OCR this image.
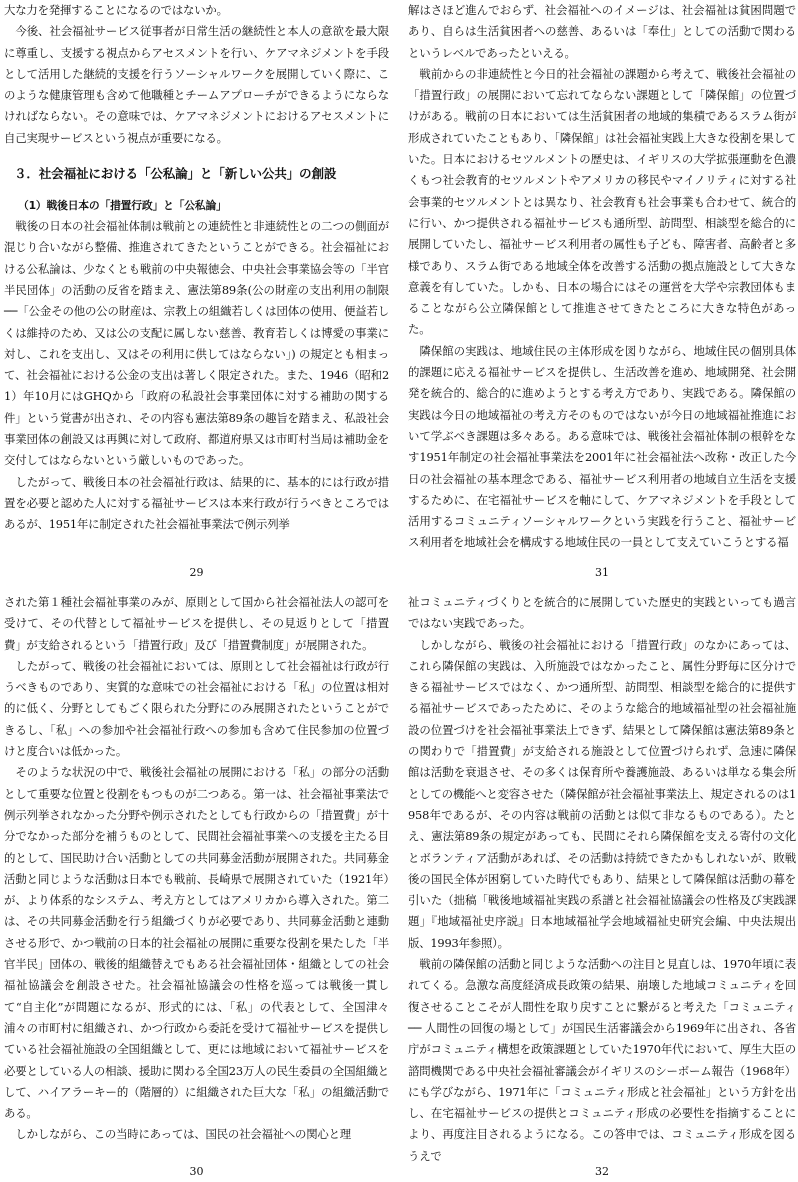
大な力を発揮することになるのではないか。

今後、社会福祉サービス従事者が日常生活の継続性と本人の意欲を最大限に尊重し、支援する視点からアセスメントを行い、ケアマネジメントを手段として活用した継続的支援を行うソーシャルワークを展開していく際に、このような健康管理も含めて他職種とチームアプローチができるようにならなければならない。その意味では、ケアマネジメントにおけるアセスメントに自己実現サービスという視点が重要になる。

３．社会福祉における「公私論」と「新しい公共」の創設
（1）戦後日本の「措置行政」と「公私論」

戦後の日本の社会福祉体制は戦前との連続性と非連続性との二つの側面が混じり合いながら整備、推進されてきたということができる。社会福祉における公私論は、少なくとも戦前の中央報徳会、中央社会事業協会等の「半官半民団体」の活動の反省を踏まえ、憲法第89条(公の財産の支出利用の制限　──「公金その他の公の財産は、宗教上の組織若しくは団体の使用、便益若しくは維持のため、又は公の支配に属しない慈善、教育若しくは博愛の事業に対し、これを支出し、又はその利用に供してはならない」) の規定とも相まって、社会福祉における公金の支出は著しく限定された。また、1946（昭和21）年10月にはGHQから「政府の私設社会事業団体に対する補助の関する件」という覚書が出され、その内容も憲法第89条の趣旨を踏まえ、私設社会事業団体の創設又は再興に対して政府、都道府県又は市町村当局は補助金を交付してはならないという厳しいものであった。

したがって、戦後日本の社会福祉行政は、結果的に、基本的には行政が措置を必要と認めた人に対する福祉サービスは本来行政が行うべきところではあるが、1951年に制定された社会福祉事業法で例示列挙

29

解はさほど進んでおらず、社会福祉へのイメージは、社会福祉は貧困問題であり、自らは生活貧困者への慈善、あるいは「奉仕」としての活動で関わるというレベルであったといえる。

戦前からの非連続性と今日的社会福祉の課題から考えて、戦後社会福祉の「措置行政」の展開において忘れてならない課題として「隣保館」の位置づけがある。戦前の日本においては生活貧困者の地域的集積であるスラム街が形成されていたこともあり、「隣保館」は社会福祉実践上大きな役割を果していた。日本におけるセツルメントの歴史は、イギリスの大学拡張運動を色濃くもつ社会教育的セツルメントやアメリカの移民やマイノリティに対する社会事業的セツルメントとは異なり、社会教育も社会事業も合わせて、統合的に行い、かつ提供される福祉サービスも通所型、訪問型、相談型を総合的に展開していたし、福祉サービス利用者の属性も子ども、障害者、高齢者と多様であり、スラム街である地域全体を改善する活動の拠点施設として大きな意義を有していた。しかも、日本の場合にはその運営を大学や宗教団体もまることながら公立隣保館として推進させてきたところに大きな特色があった。

隣保館の実践は、地域住民の主体形成を図りながら、地域住民の個別具体的課題に応える福祉サービスを提供し、生活改善を進め、地域開発、社会開発を統合的、総合的に進めようとする考え方であり、実践である。隣保館の実践は今日の地域福祉の考え方そのものではないが今日の地域福祉推進において学ぶべき課題は多々ある。ある意味では、戦後社会福祉体制の根幹をなす1951年制定の社会福祉事業法を2001年に社会福祉法へ改称・改正した今日の社会福祉の基本理念である、福祉サービス利用者の地域自立生活を支援するために、在宅福祉サービスを軸にして、ケアマネジメントを手段として活用するコミュニティソーシャルワークという実践を行うこと、福祉サービス利用者を地域社会を構成する地域住民の一員として支えていこうとする福

31

された第１種社会福祉事業のみが、原則として国から社会福祉法人の認可を受けて、その代替として福祉サービスを提供し、その見返りとして「措置費」が支給されるという「措置行政」及び「措置費制度」が展開された。

したがって、戦後の社会福祉においては、原則として社会福祉は行政が行うべきものであり、実質的な意味での社会福祉における「私」の位置は相対的に低く、分野としてもごく限られた分野にのみ展開されたということができるし、「私」への参加や社会福祉行政への参加も含めて住民参加の位置づけと度合いは低かった。

そのような状況の中で、戦後社会福祉の展開における「私」の部分の活動として重要な位置と役割をもつものが二つある。第一は、社会福祉事業法で例示列挙されなかった分野や例示されたとしても行政からの「措置費」が十分でなかった部分を補うものとして、民間社会福祉事業への支援を主たる目的として、国民助け合い活動としての共同募金活動が展開された。共同募金活動と同じような活動は日本でも戦前、長崎県で展開されていた（1921年）が、より体系的なシステム、考え方としてはアメリカから導入された。第二は、その共同募金活動を行う組織づくりが必要であり、共同募金活動と連動させる形で、かつ戦前の日本的社会福祉の展開に重要な役割を果たした「半官半民」団体の、戦後的組織替えでもある社会福祉団体・組織としての社会福祉協議会を創設させた。社会福祉協議会の性格を巡っては戦後一貫して“自主化”が問題になるが、形式的には、「私」の代表として、全国津々浦々の市町村に組織され、かつ行政から委託を受けて福祉サービスを提供している社会福祉施設の全国組織として、更には地域において福祉サービスを必要としている人の相談、援助に関わる全国23万人の民生委員の全国組織として、ハイアラーキー的（階層的）に組織された巨大な「私」の組織活動である。

しかしながら、この当時にあっては、国民の社会福祉への関心と理

30

祉コミュニティづくりとを統合的に展開していた歴史的実践といっても過言ではない実践であった。

しかしながら、戦後の社会福祉における「措置行政」のなかにあっては、これら隣保館の実践は、入所施設ではなかったこと、属性分野毎に区分けできる福祉サービスではなく、かつ通所型、訪問型、相談型を総合的に提供する福祉サービスであったために、そのような総合的地域福祉型の社会福祉施設の位置づけを社会福祉事業法上できず、結果として隣保館は憲法第89条との関わりで「措置費」が支給される施設として位置づけられず、急速に隣保館は活動を衰退させ、その多くは保育所や養護施設、あるいは単なる集会所としての機能へと変容させた（隣保館が社会福祉事業法上、規定されるのは1958年であるが、その内容は戦前の活動とは似て非なるものである）。たとえ、憲法第89条の規定があっても、民間にそれら隣保館を支える寄付の文化とボランティア活動があれば、その活動は持続できたかもしれないが、敗戦後の国民全体が困窮していた時代でもあり、結果として隣保館は活動の幕を引いた（拙稿「戦後地域福祉実践の系譜と社会福祉協議会の性格及び実践課題」『地域福祉史序説』日本地域福祉学会地域福祉史研究会編、中央法規出版、1993年参照）。

戦前の隣保館の活動と同じような活動への注目と見直しは、1970年頃に表れてくる。急激な高度経済成長政策の結果、崩壊した地域コミュニティを回復させることこそが人間性を取り戻すことに繋がると考えた「コミュニティ ── 人間性の回復の場として」が国民生活審議会から1969年に出され、各省庁がコミュニティ構想を政策課題としていた1970年代において、厚生大臣の諮問機関である中央社会福祉審議会がイギリスのシーボーム報告（1968年）にも学びながら、1971年に「コミュニティ形成と社会福祉」という方針を出し、在宅福祉サービスの提供とコミュニティ形成の必要性を指摘することにより、再度注目されるようになる。この答申では、コミュニティ形成を図るうえで

32
